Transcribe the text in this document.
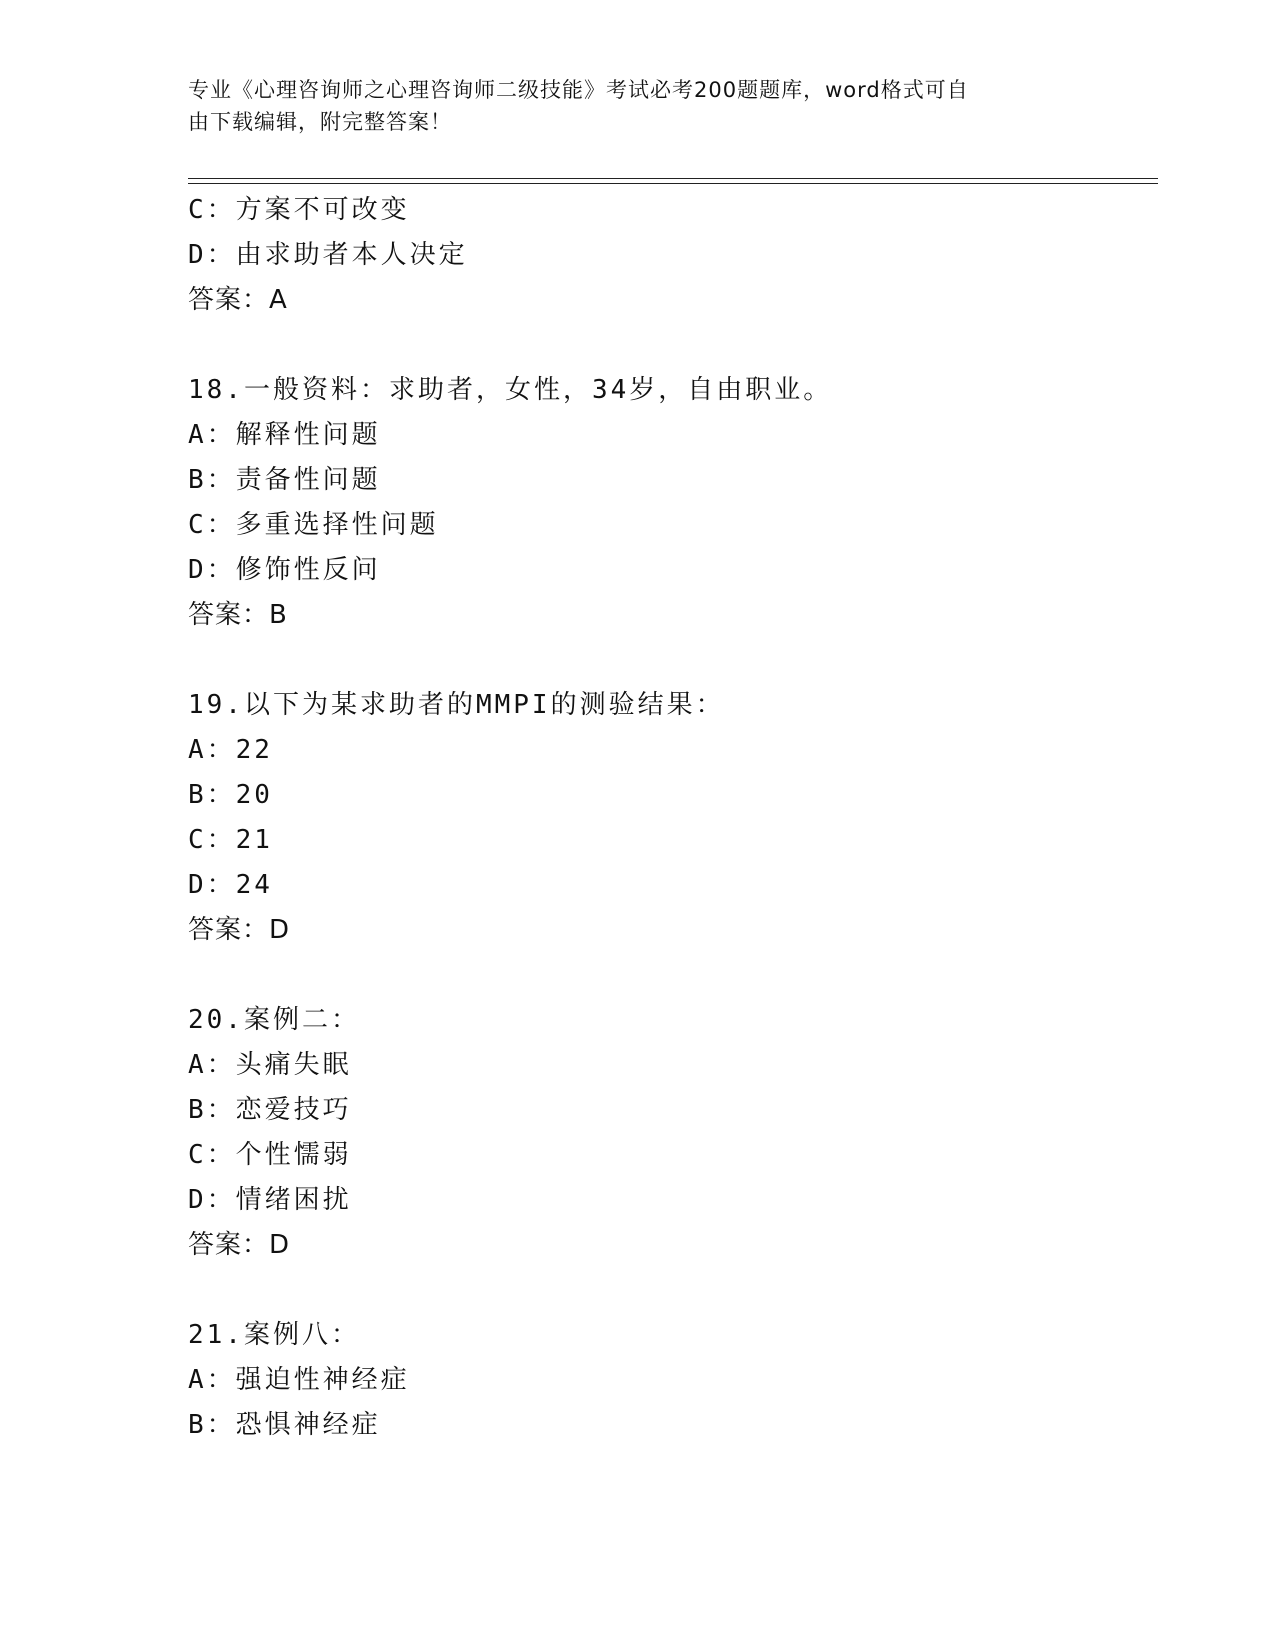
专业《心理咨询师之心理咨询师二级技能》考试必考200题题库，word格式可自
由下载编辑，附完整答案！
C：方案不可改变
D：由求助者本人决定
答案：A
18.一般资料：求助者，女性，34岁，自由职业。
A：解释性问题
B：责备性问题
C：多重选择性问题
D：修饰性反问
答案：B
19.以下为某求助者的MMPI的测验结果：
A：22
B：20
C：21
D：24
答案：D
20.案例二：
A：头痛失眠
B：恋爱技巧
C：个性懦弱
D：情绪困扰
答案：D
21.案例八：
A：强迫性神经症
B：恐惧神经症
